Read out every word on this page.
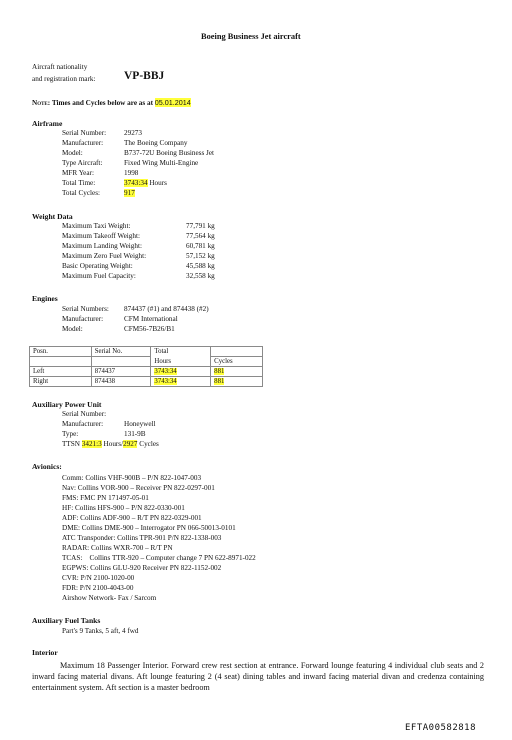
Boeing Business Jet aircraft
Aircraft nationality
and registration mark: VP-BBJ
Note: Times and Cycles below are as at 05.01.2014
Airframe
Serial Number: 29273
Manufacturer:	The Boeing Company
Model:	B737-72U Boeing Business Jet
Type Aircraft:	Fixed Wing Multi-Engine
MFR Year:	1998
Total Time:	3743:34 Hours
Total Cycles:	917
Weight Data
Maximum Taxi Weight:	77,791 kg
Maximum Takeoff Weight:	77,564 kg
Maximum Landing Weight:	60,781 kg
Maximum Zero Fuel Weight:	57,152 kg
Basic Operating Weight:	45,588 kg
Maximum Fuel Capacity:	32,558 kg
Engines
Serial Numbers: 874437 (#1) and 874438 (#2)
Manufacturer:	CFM International
Model:	CFM56-7B26/B1
Posn.	Serial No.	Total	
		Hours	Cycles
Left	874437	3743:34	881
Right	874438	3743:34	881
Auxiliary Power Unit
Serial Number:
Manufacturer:	Honeywell
Type:	131-9B
TTSN 3421:3 Hours/2927 Cycles
Avionics:
Comm: Collins VHF-900B – P/N 822-1047-003
Nav: Collins VOR-900 – Receiver PN 822-0297-001
FMS: FMC PN 171497-05-01
HF: Collins HFS-900 – P/N 822-0330-001
ADF: Collins ADF-900 – R/T PN 822-0329-001
DME: Collins DME-900 – Interrogator PN 066-50013-0101
ATC Transponder: Collins TPR-901 P/N 822-1338-003
RADAR: Collins WXR-700 – R/T PN
TCAS:    Collins TTR-920 – Computer change 7 PN 622-8971-022
EGPWS: Collins GLU-920 Receiver PN 822-1152-002
CVR: P/N 2100-1020-00
FDR: P/N 2100-4043-00
Airshow Network- Fax / Sarcom
Auxiliary Fuel Tanks
Part's 9 Tanks, 5 aft, 4 fwd
Interior
Maximum 18 Passenger Interior. Forward crew rest section at entrance. Forward lounge featuring 4 individual club seats and 2 inward facing material divans. Aft lounge featuring 2 (4 seat) dining tables and inward facing material divan and credenza containing entertainment system. Aft section is a master bedroom
EFTA00582818
